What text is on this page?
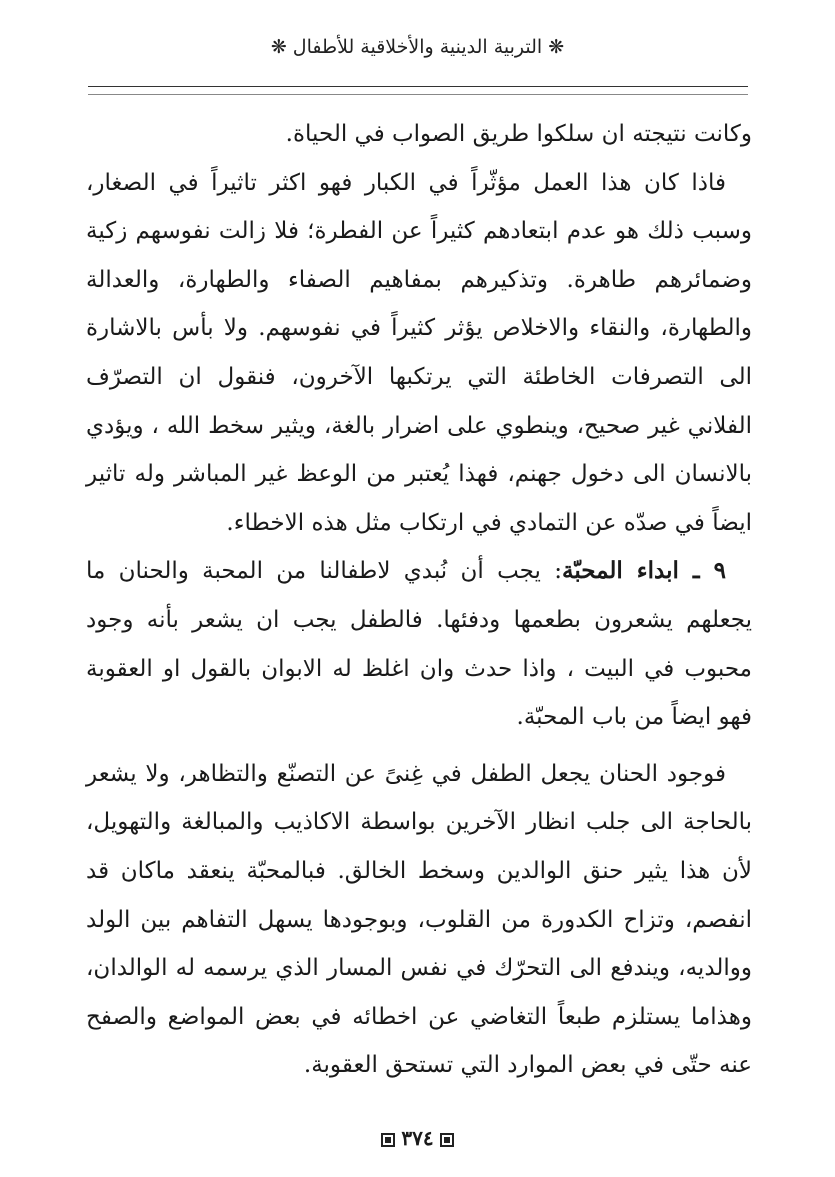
❋ التربية الدينية والأخلاقية للأطفال ❋

وكانت نتيجته ان سلكوا طريق الصواب في الحياة.

فاذا كان هذا العمل مؤثّراً في الكبار فهو اكثر تاثيراً في الصغار، وسبب ذلك هو عدم ابتعادهم كثيراً عن الفطرة؛ فلا زالت نفوسهم زكية وضمائرهم طاهرة. وتذكيرهم بمفاهيم الصفاء والطهارة، والعدالة والطهارة، والنقاء والاخلاص يؤثر كثيراً في نفوسهم. ولا بأس بالاشارة الى التصرفات الخاطئة التي يرتكبها الآخرون، فنقول ان التصرّف الفلاني غير صحيح، وينطوي على اضرار بالغة، ويثير سخط الله ، ويؤدي بالانسان الى دخول جهنم، فهذا يُعتبر من الوعظ غير المباشر وله تاثير ايضاً في صدّه عن التمادي في ارتكاب مثل هذه الاخطاء.

٩ ـ ابداء المحبّة: يجب أن نُبدي لاطفالنا من المحبة والحنان ما يجعلهم يشعرون بطعمها ودفئها. فالطفل يجب ان يشعر بأنه وجود محبوب في البيت ، واذا حدث وان اغلظ له الابوان بالقول او العقوبة فهو ايضاً من باب المحبّة.

فوجود الحنان يجعل الطفل في غِنىً عن التصنّع والتظاهر، ولا يشعر بالحاجة الى جلب انظار الآخرين بواسطة الاكاذيب والمبالغة والتهويل، لأن هذا يثير حنق الوالدين وسخط الخالق. فبالمحبّة ينعقد ماكان قد انفصم، وتزاح الكدورة من القلوب، وبوجودها يسهل التفاهم بين الولد ووالديه، ويندفع الى التحرّك في نفس المسار الذي يرسمه له الوالدان، وهذاما يستلزم طبعاً التغاضي عن اخطائه في بعض المواضع والصفح عنه حتّى في بعض الموارد التي تستحق العقوبة.

٣٧٤
